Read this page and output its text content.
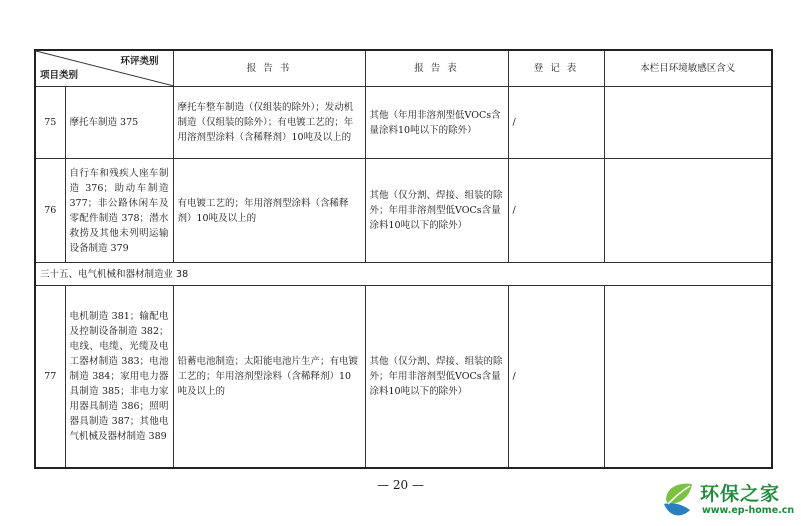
环评类别
项目类别		报 告 书	报 告 表	登 记 表	本栏目环境敏感区含义
75	摩托车制造 375	摩托车整车制造（仅组装的除外）；发动机制造（仅组装的除外）；有电镀工艺的；年用溶剂型涂料（含稀释剂）10吨及以上的	其他（年用非溶剂型低VOCs含量涂料10吨以下的除外）	/	
76	自行车和残疾人座车制造 376；助动车制造 377；非公路休闲车及零配件制造 378；潜水救捞及其他未列明运输设备制造 379	有电镀工艺的；年用溶剂型涂料（含稀释剂）10吨及以上的	其他（仅分割、焊接、组装的除外；年用非溶剂型低VOCs含量涂料10吨以下的除外）	/	
三十五、电气机械和器材制造业 38					
77	电机制造 381；输配电及控制设备制造 382；电线、电缆、光缆及电工器材制造 383；电池制造 384；家用电力器具制造 385；非电力家用器具制造 386；照明器具制造 387；其他电气机械及器材制造 389	铅蓄电池制造；太阳能电池片生产；有电镀工艺的；年用溶剂型涂料（含稀释剂）10吨及以上的	其他（仅分割、焊接、组装的除外；年用非溶剂型低VOCs含量涂料10吨以下的除外）	/	
— 20 —	环保之家
www.ep-home.cn
